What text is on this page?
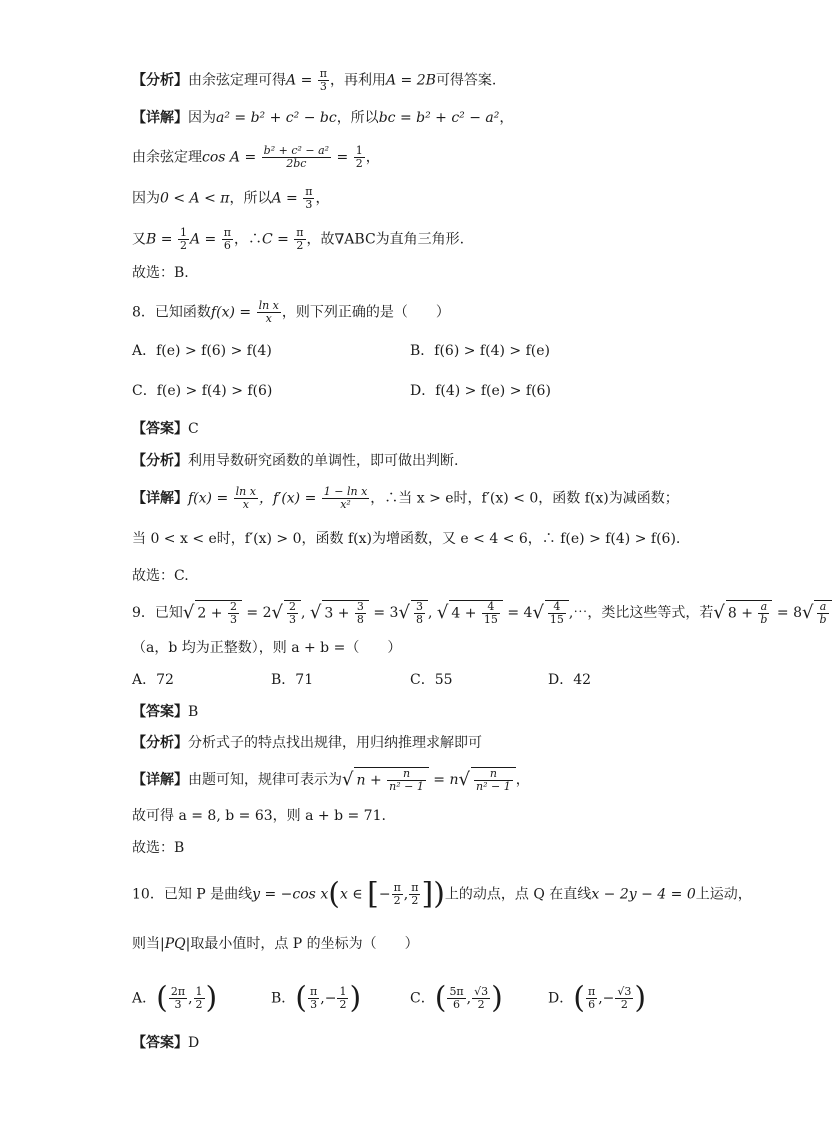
【分析】由余弦定理可得$A = \frac{\pi}{3}$ ，再利用A = 2B可得答案.
【详解】因为a² = b² + c² − bc，所以bc = b² + c² − a²，
由余弦定理$\cos A = \frac{\text{b² + c² − a²}}{2bc} = \frac{1}{2}$ ，
因为0 < A < π，所以$A = \frac{\pi}{3}$ ，
又$B = \frac{1}{2}$ $A = \frac{\pi}{6}$ ，∴C = $\frac{\pi}{2}$ ，故∇ABC为直角三角形.
故选：B.
8．已知函数$f(x) = \frac{\text{ln x}}{x}$ ，则下列正确的是（　　）
A．f(e) > f(6) > f(4)	B．f(6) > f(4) > f(e)
C．f(e) > f(4) > f(6)	D．f(4) > f(e) > f(6)
【答案】C
【分析】利用导数研究函数的单调性，即可做出判断.
【详解】$f(x) = \frac{\text{ln x}}{x}$ ，$f'(x) = \frac{\text{1 − ln x}}{\text{x²}}$ ，∴当 x > e时，f′(x) < 0，函数 f(x)为减函数；
当 0 < x < e时，f′(x) > 0，函数 f(x)为增函数，又 e < 4 < 6，∴ f(e) > f(4) > f(6).
故选：C.
9．已知√ $2 + \frac{2}{3} = 2√ \frac{2}{3}$ , √ $3 + \frac{3}{8} = 3√ \frac{3}{8}$ , √ $4 + \frac{4}{15} = 4√ \frac{4}{15}$ ,⋯，类比这些等式，若√ $8 + \frac{a}{b} = 8√ \frac{a}{b}$
（a，b 均为正整数），则 a + b =（　　）
A．72	B．71	C．55	D．42
【答案】B
【分析】分析式子的特点找出规律，用归纳推理求解即可
【详解】由题可知，规律可表示为√ $n + \frac{n}{\text{n² − 1}} = n√ \frac{n}{\text{n² − 1}}$ ，
故可得 a = 8, b = 63，则 a + b = 71.
故选：B
10．已知 P 是曲线y = −cos x(x ∈ [− $\frac{\pi}{2}$ , $\frac{\pi}{2}$ ])上的动点，点 Q 在直线x − 2y − 4 = 0上运动，
则当|PQ|取最小值时，点 P 的坐标为（　　）
A．( $\frac{2\pi}{3}$ , $\frac{1}{2}$ )	B．( $\frac{\pi}{3}$ ,− $\frac{1}{2}$ )	C．( $\frac{5\pi}{6}$ , $\frac{√3}{2}$ )	D．( $\frac{\pi}{6}$ ,− $\frac{√3}{2}$ )
【答案】D
